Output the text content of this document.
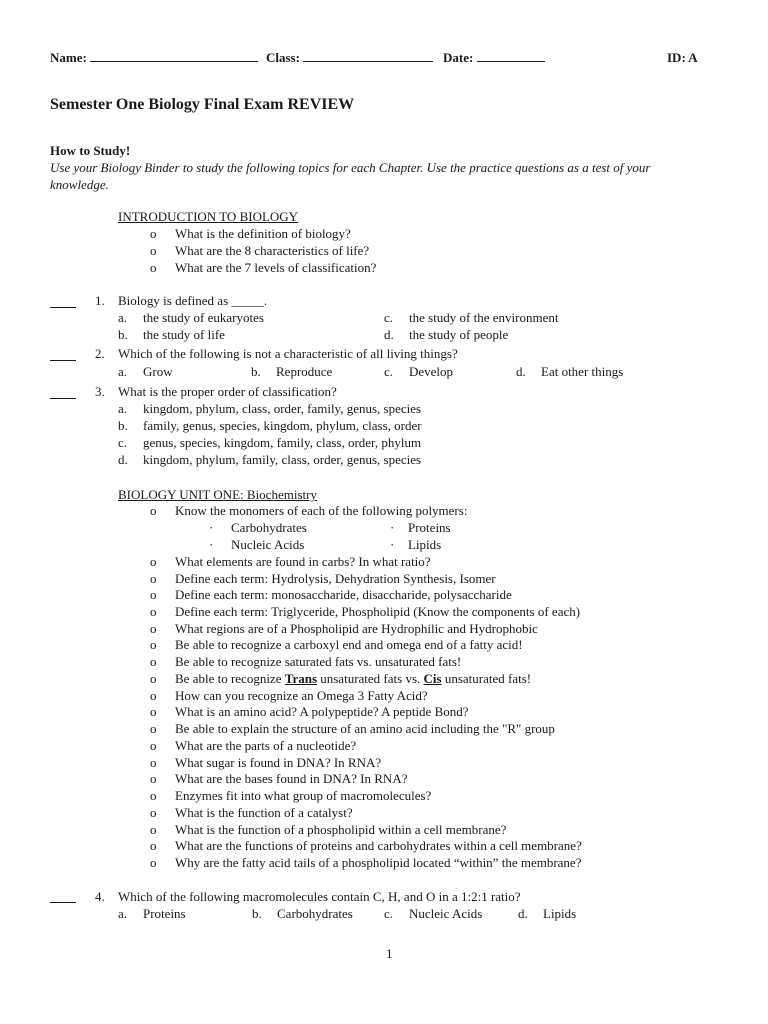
Name:	Class:	Date:	ID: A
Semester One Biology Final Exam REVIEW
How to Study!
Use your Biology Binder to study the following topics for each Chapter. Use the practice questions as a test of your
knowledge.
INTRODUCTION TO BIOLOGY
o What is the definition of biology?
o What are the 8 characteristics of life?
o What are the 7 levels of classification?
1. Biology is defined as _____.
a. the study of eukaryotes	c. the study of the environment
b. the study of life	d. the study of people
2. Which of the following is not a characteristic of all living things?
a. Grow	b. Reproduce	c. Develop	d. Eat other things
3. What is the proper order of classification?
a. kingdom, phylum, class, order, family, genus, species
b. family, genus, species, kingdom, phylum, class, order
c. genus, species, kingdom, family, class, order, phylum
d. kingdom, phylum, family, class, order, genus, species
BIOLOGY UNIT ONE: Biochemistry
o Know the monomers of each of the following polymers:
· Carbohydrates	· Proteins
· Nucleic Acids	· Lipids
o What elements are found in carbs? In what ratio?
o Define each term: Hydrolysis, Dehydration Synthesis, Isomer
o Define each term: monosaccharide, disaccharide, polysaccharide
o Define each term: Triglyceride, Phospholipid (Know the components of each)
o What regions are of a Phospholipid are Hydrophilic and Hydrophobic
o Be able to recognize a carboxyl end and omega end of a fatty acid!
o Be able to recognize saturated fats vs. unsaturated fats!
o Be able to recognize Trans unsaturated fats vs. Cis unsaturated fats!
o How can you recognize an Omega 3 Fatty Acid?
o What is an amino acid? A polypeptide? A peptide Bond?
o Be able to explain the structure of an amino acid including the "R" group
o What are the parts of a nucleotide?
o What sugar is found in DNA? In RNA?
o What are the bases found in DNA? In RNA?
o Enzymes fit into what group of macromolecules?
o What is the function of a catalyst?
o What is the function of a phospholipid within a cell membrane?
o What are the functions of proteins and carbohydrates within a cell membrane?
o Why are the fatty acid tails of a phospholipid located “within” the membrane?
4. Which of the following macromolecules contain C, H, and O in a 1:2:1 ratio?
a. Proteins	b. Carbohydrates c. Nucleic Acids	d. Lipids
1
